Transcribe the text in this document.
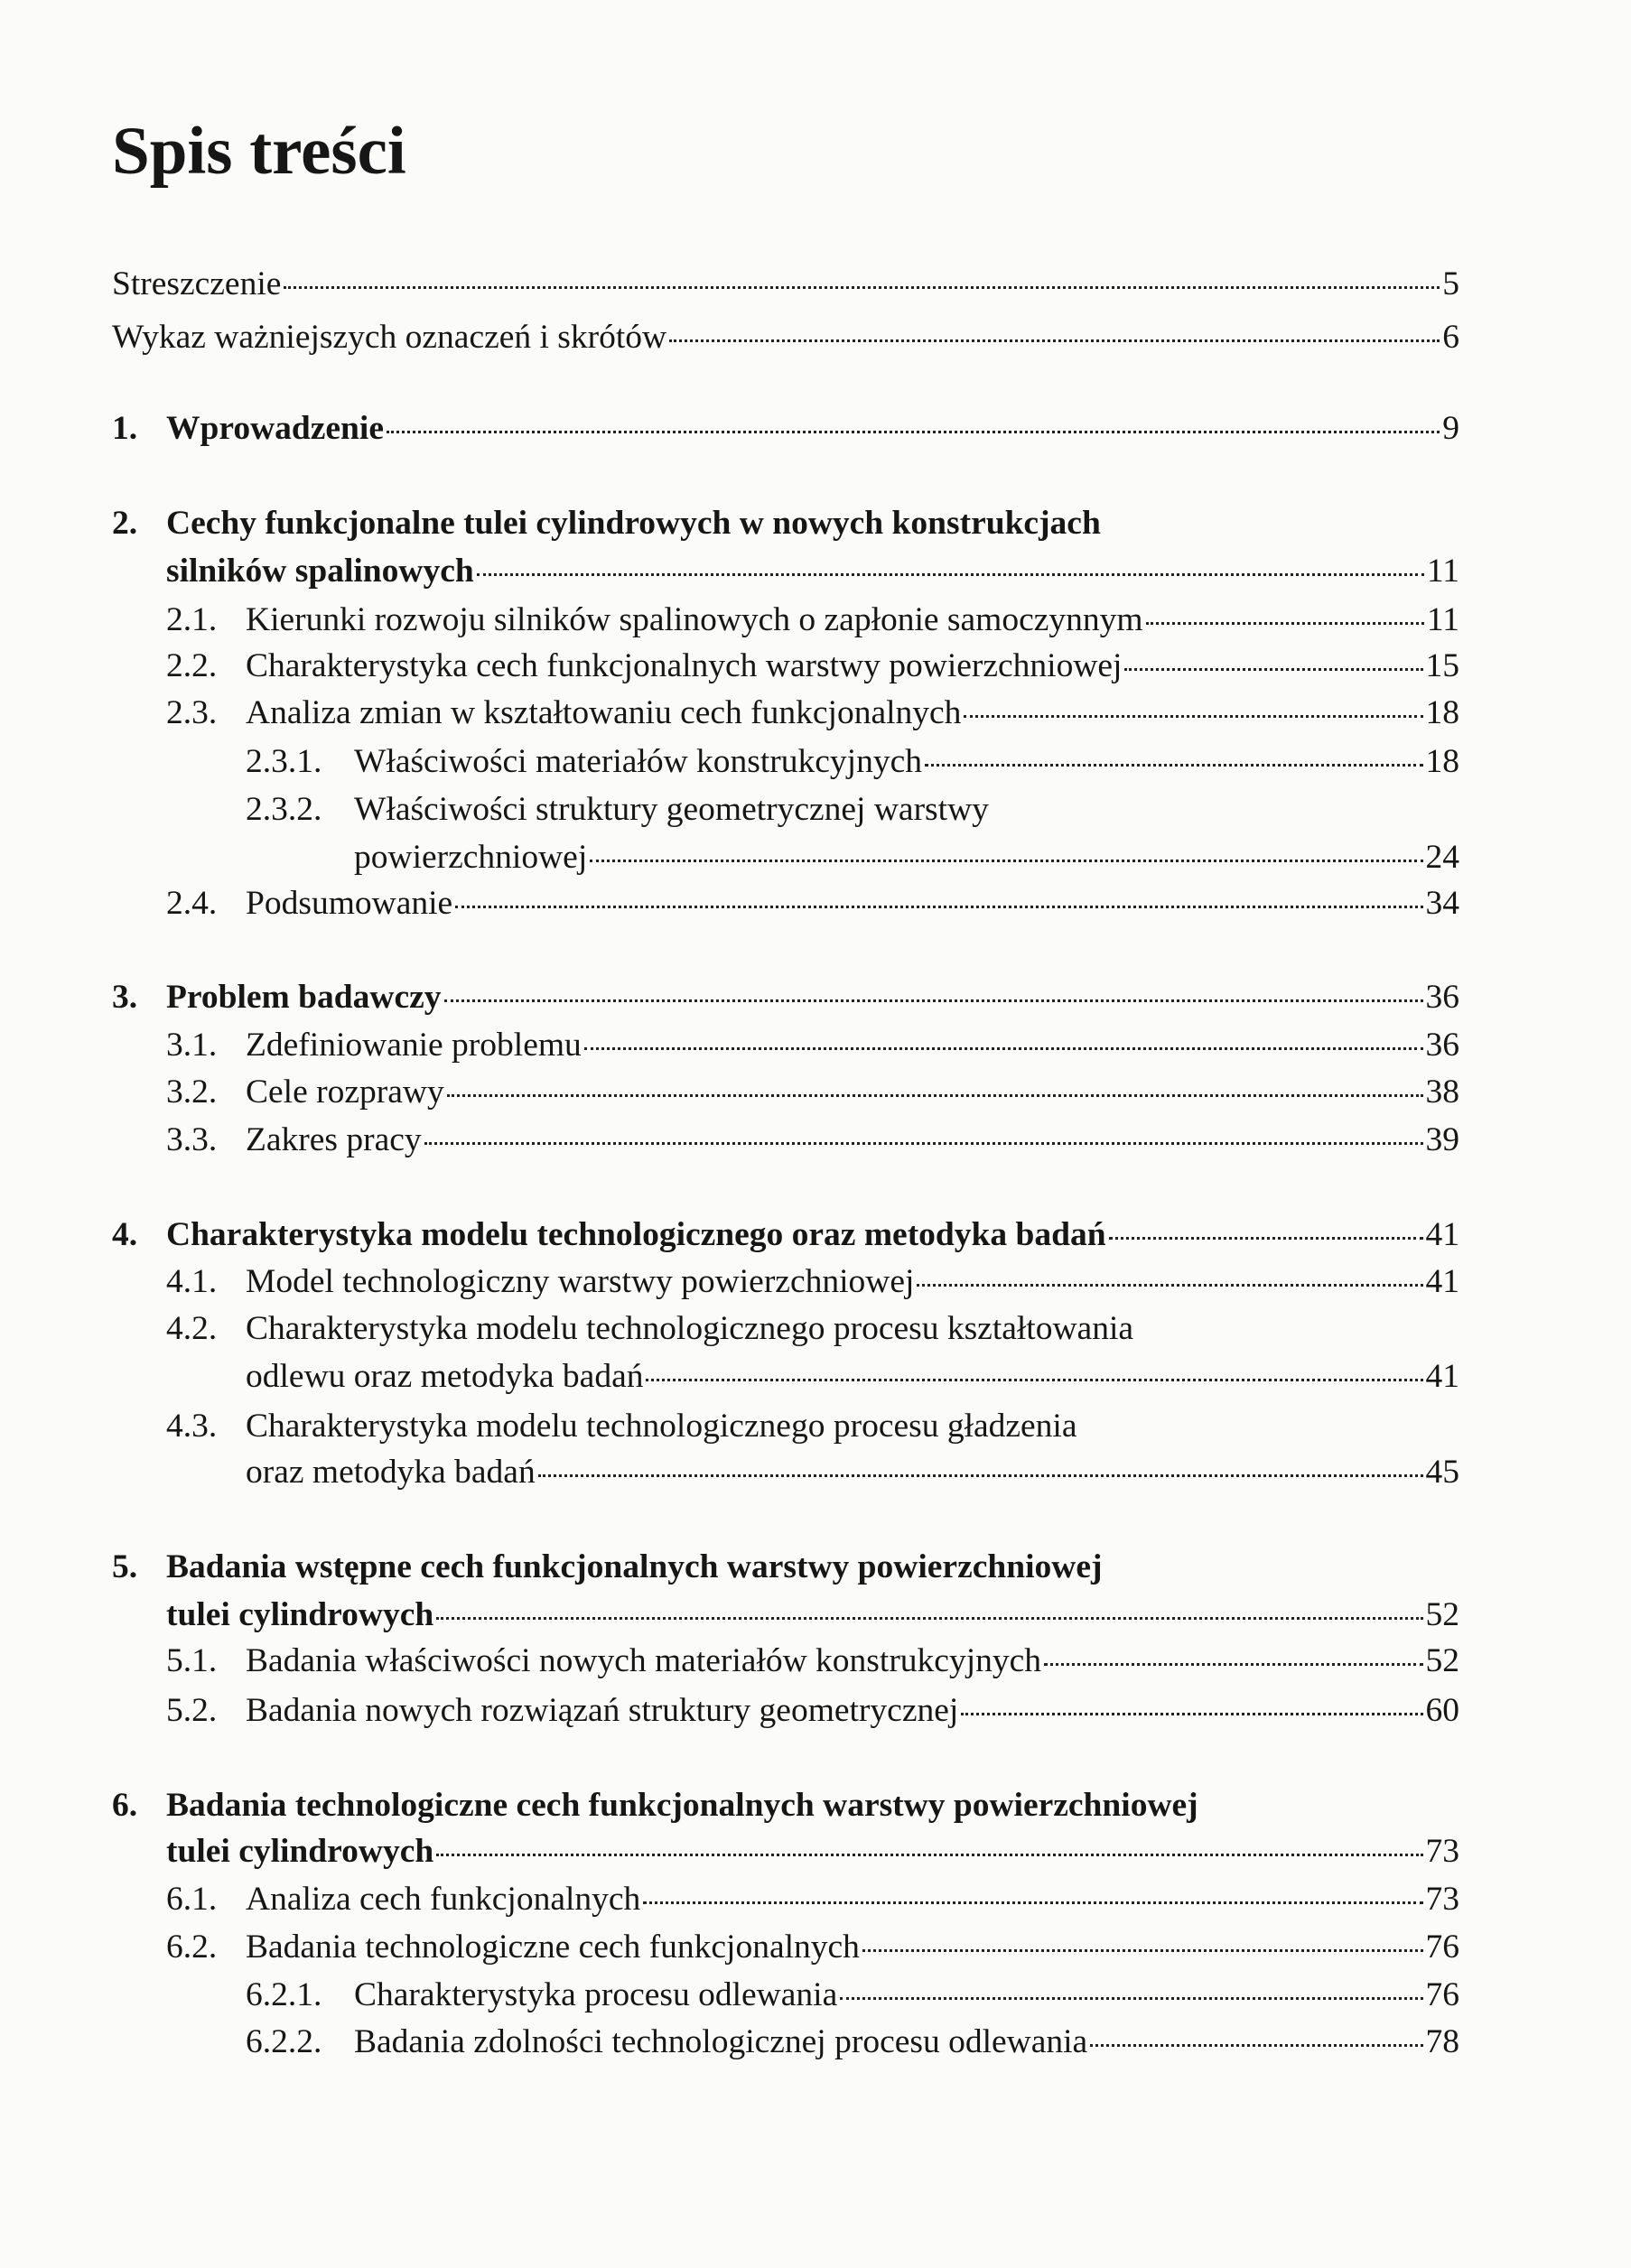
Spis treści
Streszczenie	5
Wykaz ważniejszych oznaczeń i skrótów	6
1. Wprowadzenie	9
2. Cechy funkcjonalne tulei cylindrowych w nowych konstrukcjach
silników spalinowych	11
2.1. Kierunki rozwoju silników spalinowych o zapłonie samoczynnym	11
2.2. Charakterystyka cech funkcjonalnych warstwy powierzchniowej	15
2.3. Analiza zmian w kształtowaniu cech funkcjonalnych	18
2.3.1. Właściwości materiałów konstrukcyjnych	18
2.3.2. Właściwości struktury geometrycznej warstwy
powierzchniowej	24
2.4. Podsumowanie	34
3. Problem badawczy	36
3.1. Zdefiniowanie problemu	36
3.2. Cele rozprawy	38
3.3. Zakres pracy	39
4. Charakterystyka modelu technologicznego oraz metodyka badań	41
4.1. Model technologiczny warstwy powierzchniowej	41
4.2. Charakterystyka modelu technologicznego procesu kształtowania
odlewu oraz metodyka badań	41
4.3. Charakterystyka modelu technologicznego procesu gładzenia
oraz metodyka badań	45
5. Badania wstępne cech funkcjonalnych warstwy powierzchniowej
tulei cylindrowych	52
5.1. Badania właściwości nowych materiałów konstrukcyjnych	52
5.2. Badania nowych rozwiązań struktury geometrycznej	60
6. Badania technologiczne cech funkcjonalnych warstwy powierzchniowej
tulei cylindrowych	73
6.1. Analiza cech funkcjonalnych	73
6.2. Badania technologiczne cech funkcjonalnych	76
6.2.1. Charakterystyka procesu odlewania	76
6.2.2. Badania zdolności technologicznej procesu odlewania	78
